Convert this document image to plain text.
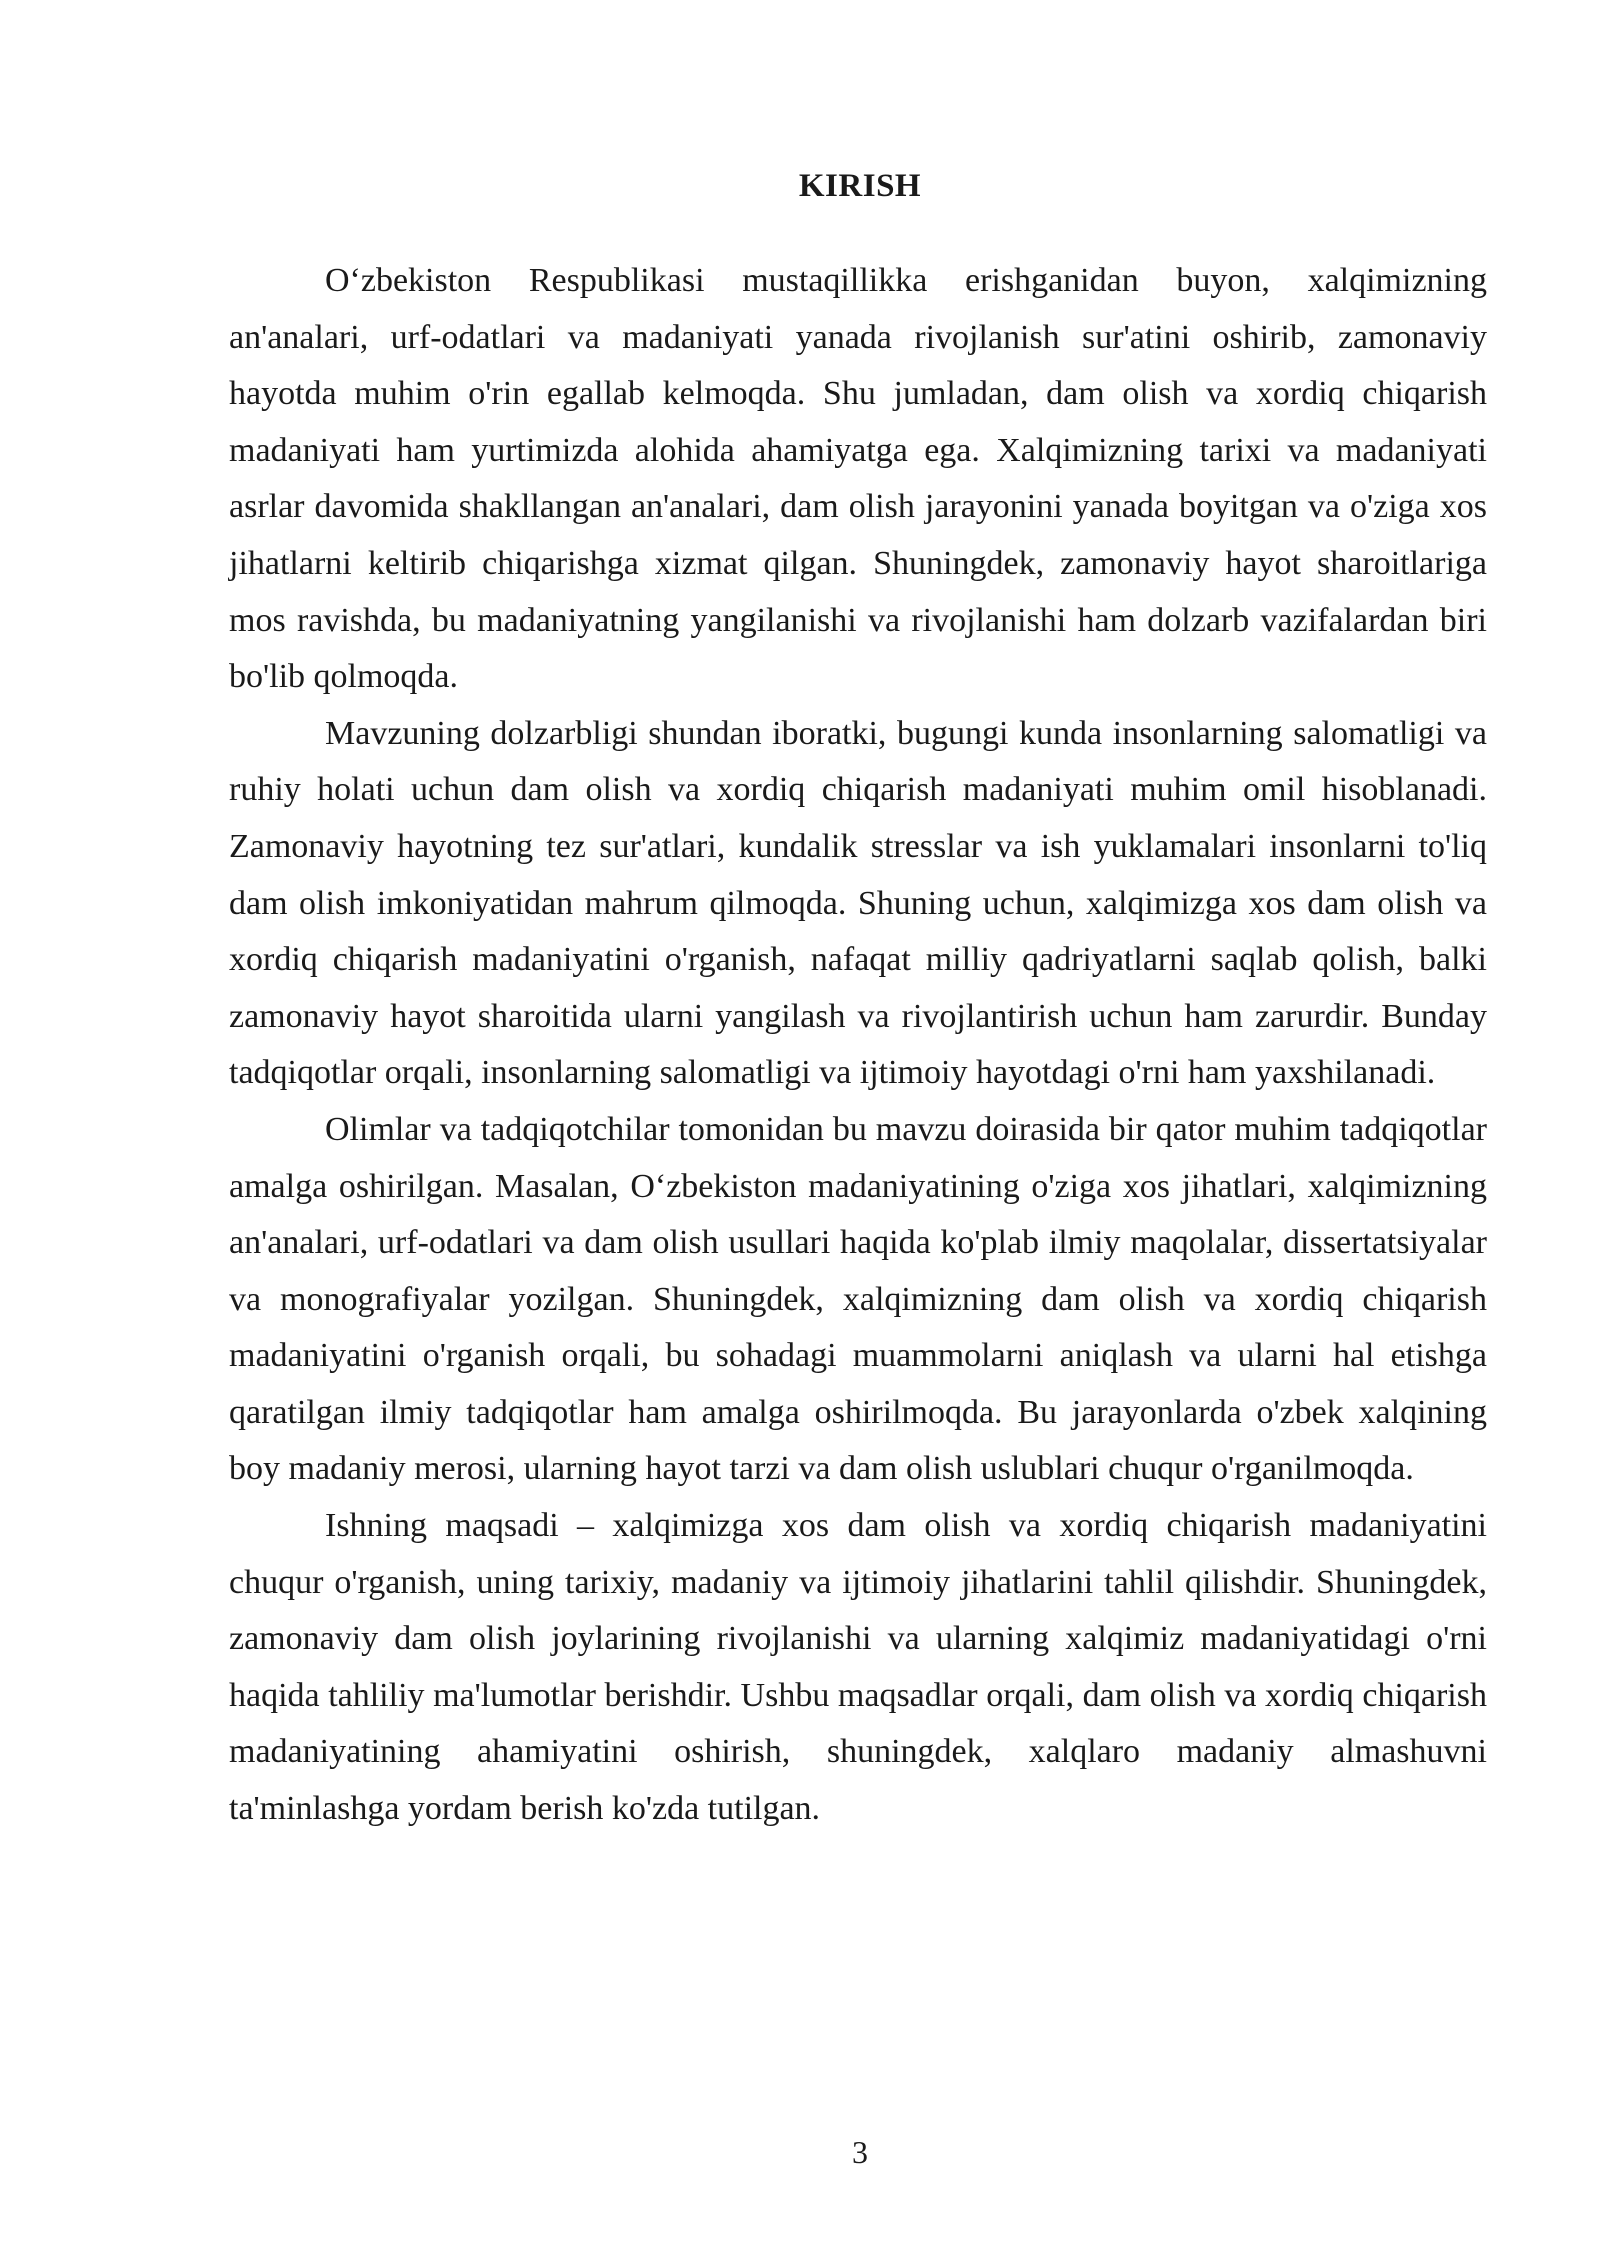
KIRISH

O‘zbekiston Respublikasi mustaqillikka erishganidan buyon, xalqimizning an'analari, urf-odatlari va madaniyati yanada rivojlanish sur'atini oshirib, zamonaviy hayotda muhim o'rin egallab kelmoqda. Shu jumladan, dam olish va xordiq chiqarish madaniyati ham yurtimizda alohida ahamiyatga ega. Xalqimizning tarixi va madaniyati asrlar davomida shakllangan an'analari, dam olish jarayonini yanada boyitgan va o'ziga xos jihatlarni keltirib chiqarishga xizmat qilgan. Shuningdek, zamonaviy hayot sharoitlariga mos ravishda, bu madaniyatning yangilanishi va rivojlanishi ham dolzarb vazifalardan biri bo'lib qolmoqda.

Mavzuning dolzarbligi shundan iboratki, bugungi kunda insonlarning salomatligi va ruhiy holati uchun dam olish va xordiq chiqarish madaniyati muhim omil hisoblanadi. Zamonaviy hayotning tez sur'atlari, kundalik stresslar va ish yuklamalari insonlarni to'liq dam olish imkoniyatidan mahrum qilmoqda. Shuning uchun, xalqimizga xos dam olish va xordiq chiqarish madaniyatini o'rganish, nafaqat milliy qadriyatlarni saqlab qolish, balki zamonaviy hayot sharoitida ularni yangilash va rivojlantirish uchun ham zarurdir. Bunday tadqiqotlar orqali, insonlarning salomatligi va ijtimoiy hayotdagi o'rni ham yaxshilanadi.

Olimlar va tadqiqotchilar tomonidan bu mavzu doirasida bir qator muhim tadqiqotlar amalga oshirilgan. Masalan, O‘zbekiston madaniyatining o'ziga xos jihatlari, xalqimizning an'analari, urf-odatlari va dam olish usullari haqida ko'plab ilmiy maqolalar, dissertatsiyalar va monografiyalar yozilgan. Shuningdek, xalqimizning dam olish va xordiq chiqarish madaniyatini o'rganish orqali, bu sohadagi muammolarni aniqlash va ularni hal etishga qaratilgan ilmiy tadqiqotlar ham amalga oshirilmoqda. Bu jarayonlarda o'zbek xalqining boy madaniy merosi, ularning hayot tarzi va dam olish uslublari chuqur o'rganilmoqda.

Ishning maqsadi – xalqimizga xos dam olish va xordiq chiqarish madaniyatini chuqur o'rganish, uning tarixiy, madaniy va ijtimoiy jihatlarini tahlil qilishdir. Shuningdek, zamonaviy dam olish joylarining rivojlanishi va ularning xalqimiz madaniyatidagi o'rni haqida tahliliy ma'lumotlar berishdir. Ushbu maqsadlar orqali, dam olish va xordiq chiqarish madaniyatining ahamiyatini oshirish, shuningdek, xalqlaro madaniy almashuvni ta'minlashga yordam berish ko'zda tutilgan.

3
